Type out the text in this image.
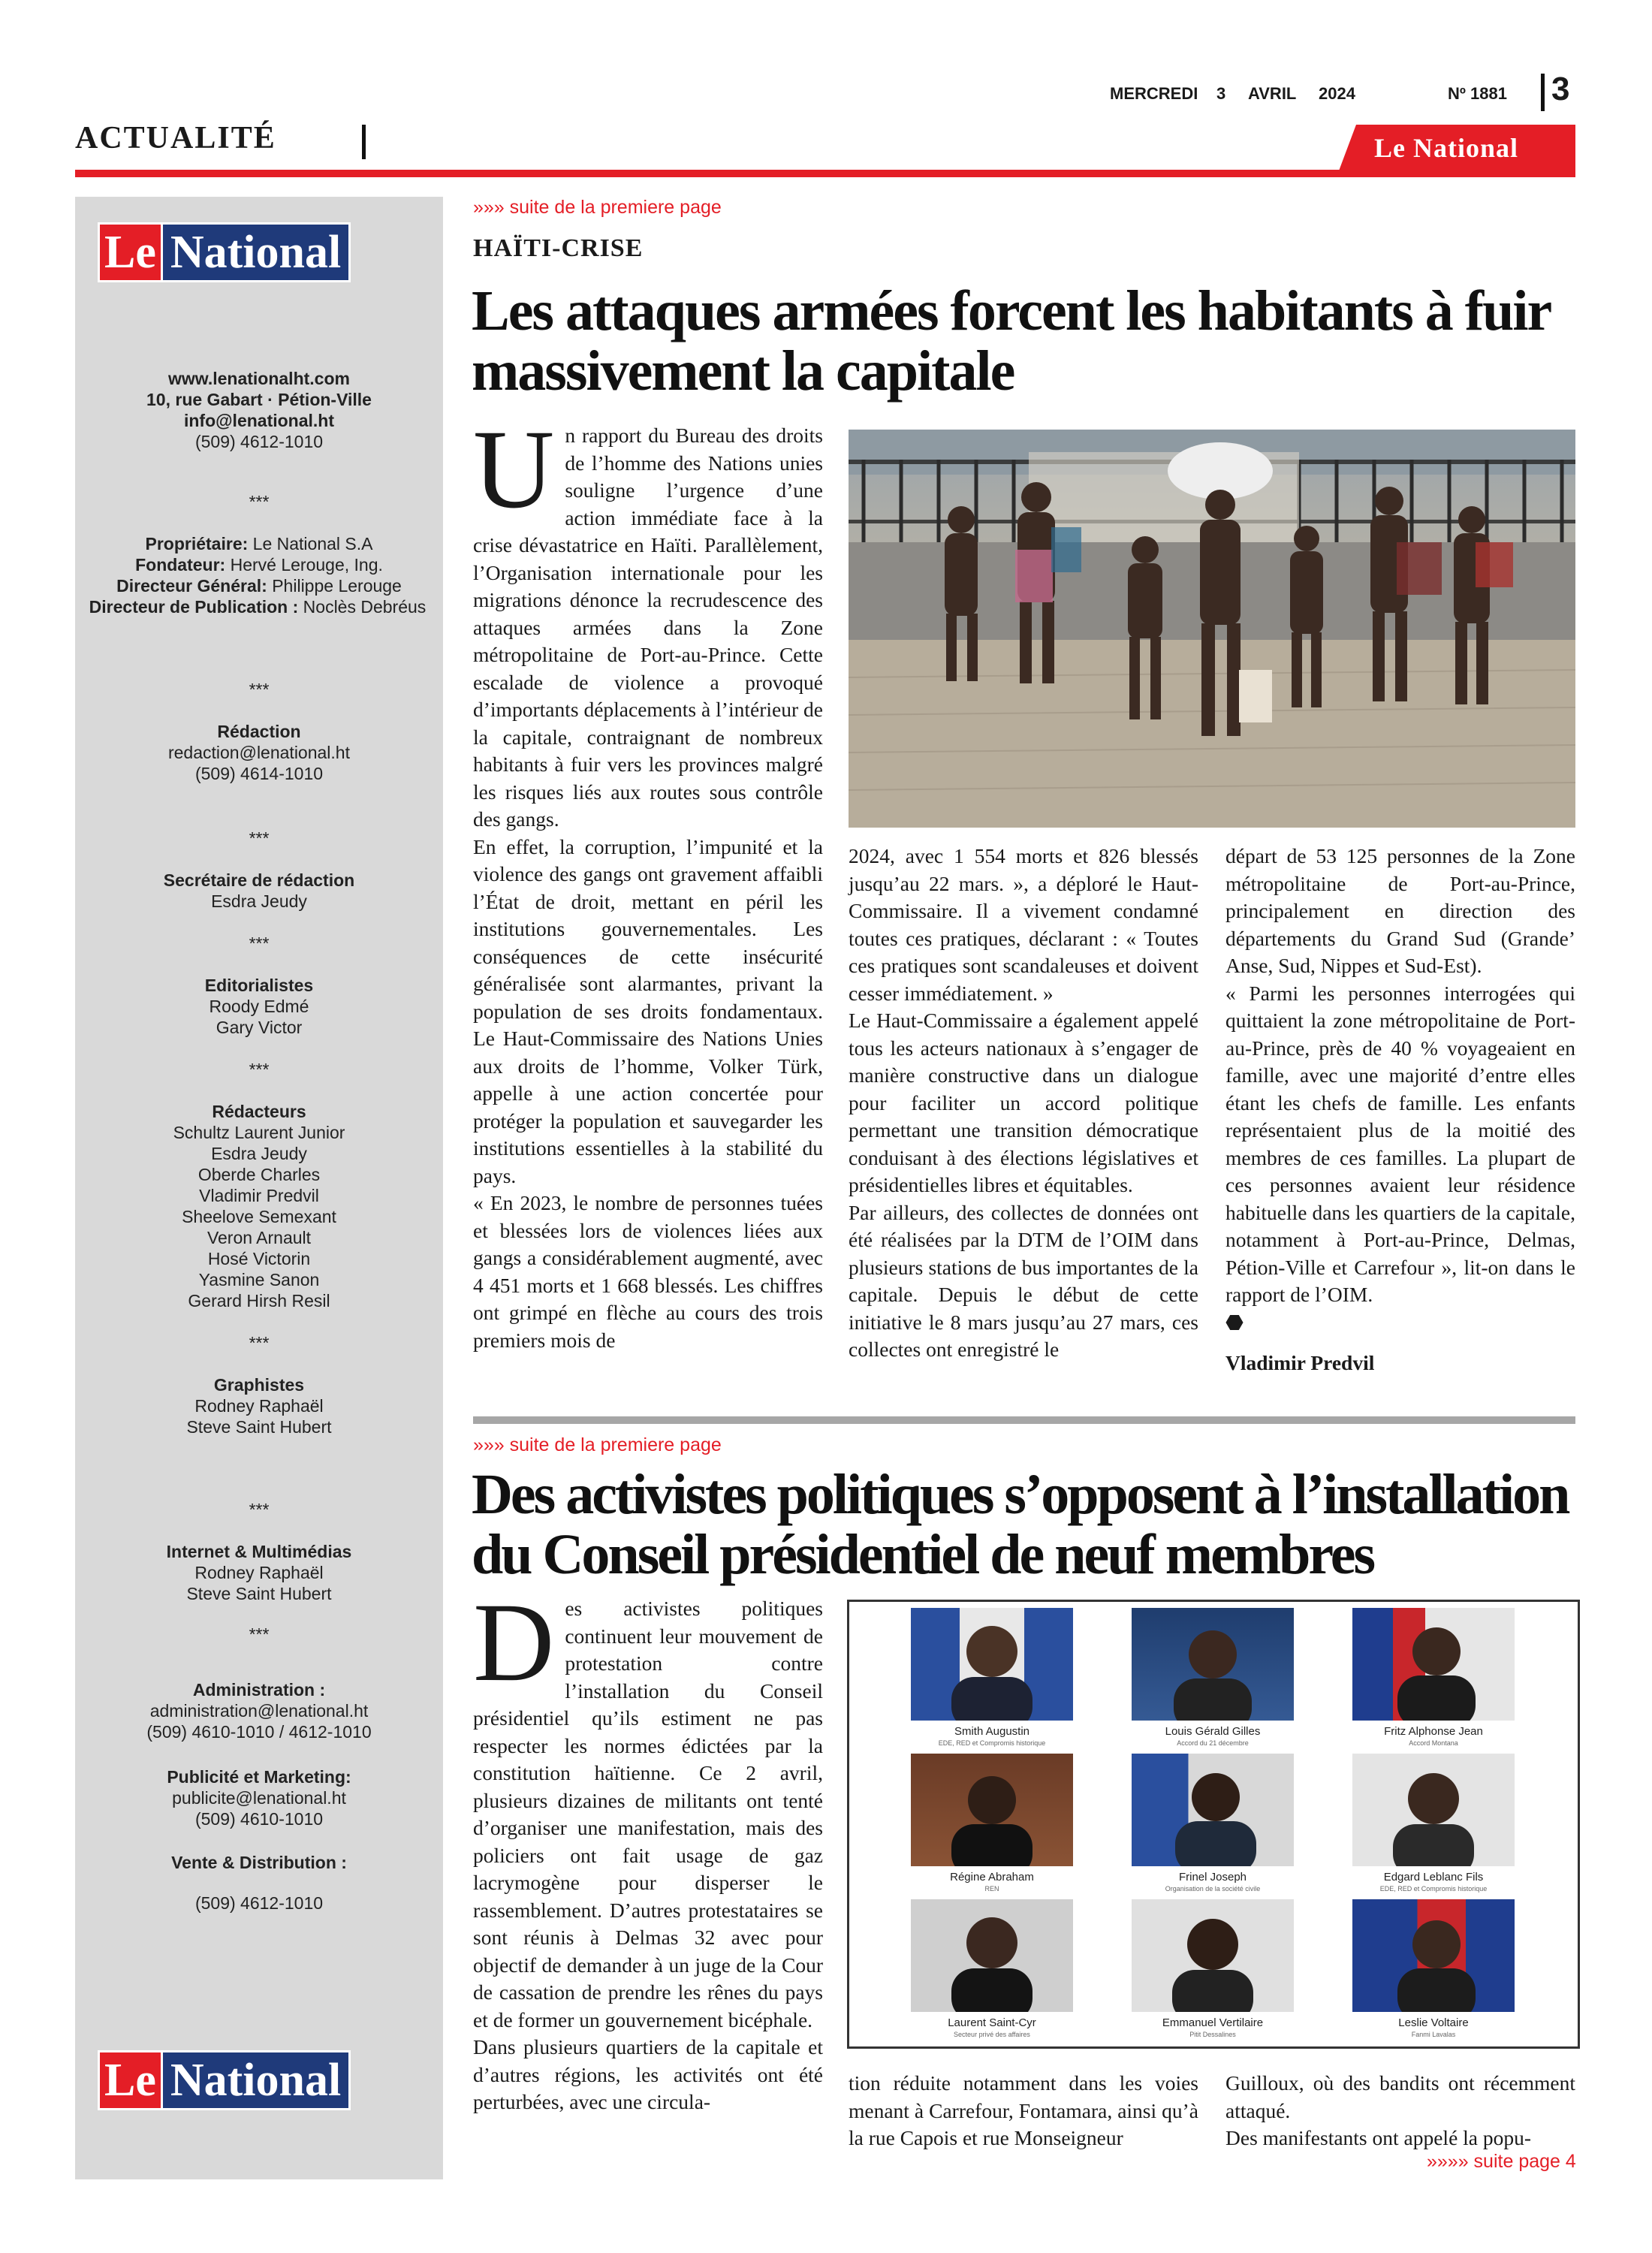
ACTUALITÉ
MERCREDI 3 AVRIL 2024	Nº 1881 3
Le National
Le National
www.lenationalht.com
10, rue Gabart · Pétion-Ville
info@lenational.ht
(509) 4612-1010
***
Propriétaire: Le National S.A
Fondateur: Hervé Lerouge, Ing.
Directeur Général: Philippe Lerouge
Directeur de Publication : Noclès Debréus
***
Rédaction
redaction@lenational.ht
(509) 4614-1010
***
Secrétaire de rédaction
Esdra Jeudy
***
Editorialistes
Roody Edmé
Gary Victor
***
Rédacteurs
Schultz Laurent Junior
Esdra Jeudy
Oberde Charles
Vladimir Predvil
Sheelove Semexant
Veron Arnault
Hosé Victorin
Yasmine Sanon
Gerard Hirsh Resil
***
Graphistes
Rodney Raphaël
Steve Saint Hubert
***
Internet & Multimédias
Rodney Raphaël
Steve Saint Hubert
***
Administration :
administration@lenational.ht
(509) 4610-1010 / 4612-1010
Publicité et Marketing:
publicite@lenational.ht
(509) 4610-1010
Vente & Distribution :
(509) 4612-1010
Le National
»»» suite de la premiere page
HAÏTI-CRISE
Les attaques armées forcent les habitants à fuir
massivement la capitale
U n rapport du Bureau des droits de l’homme des Nations unies souligne l’urgence d’une action immédiate face à la crise dévastatrice en Haïti. Parallèlement, l’Organisation internationale pour les migrations dénonce la recrudescence des attaques armées dans la Zone métropolitaine de Port-au-Prince. Cette escalade de violence a provoqué d’importants déplacements à l’intérieur de la capitale, contraignant de nombreux habitants à fuir vers les provinces malgré les risques liés aux routes sous contrôle des gangs.

En effet, la corruption, l’impunité et la violence des gangs ont gravement affaibli l’État de droit, mettant en péril les institutions gouvernementales. Les conséquences de cette insécurité généralisée sont alarmantes, privant la population de ses droits fondamentaux. Le Haut-Commissaire des Nations Unies aux droits de l’homme, Volker Türk, appelle à une action concertée pour protéger la population et sauvegarder les institutions essentielles à la stabilité du pays.

« En 2023, le nombre de personnes tuées et blessées lors de violences liées aux gangs a considérablement augmenté, avec 4 451 morts et 1 668 blessés. Les chiffres ont grimpé en flèche au cours des trois premiers mois de

2024, avec 1 554 morts et 826 blessés jusqu’au 22 mars. », a déploré le Haut-Commissaire. Il a vivement condamné toutes ces pratiques, déclarant : « Toutes ces pratiques sont scandaleuses et doivent cesser immédiatement. »

Le Haut-Commissaire a également appelé tous les acteurs nationaux à s’engager de manière constructive dans un dialogue pour faciliter un accord politique permettant une transition démocratique conduisant à des élections législatives et présidentielles libres et équitables.

Par ailleurs, des collectes de données ont été réalisées par la DTM de l’OIM dans plusieurs stations de bus importantes de la capitale. Depuis le début de cette initiative le 8 mars jusqu’au 27 mars, ces collectes ont enregistré le

départ de 53 125 personnes de la Zone métropolitaine de Port-au-Prince, principalement en direction des départements du Grand Sud (Grande’ Anse, Sud, Nippes et Sud-Est).

« Parmi les personnes interrogées qui quittaient la zone métropolitaine de Port-au-Prince, près de 40 % voyageaient en famille, avec une majorité d’entre elles étant les chefs de famille. Les enfants représentaient plus de la moitié des membres de ces familles. La plupart de ces personnes avaient leur résidence habituelle dans les quartiers de la capitale, notamment à Port-au-Prince, Delmas, Pétion-Ville et Carrefour », lit-on dans le rapport de l’OIM.

⬣

Vladimir Predvil

»»» suite de la premiere page
Des activistes politiques s’opposent à l’installation
du Conseil présidentiel de neuf membres
D es activistes politiques continuent leur mouvement de protestation contre l’installation du Conseil présidentiel qu’ils estiment ne pas respecter les normes édictées par la constitution haïtienne. Ce 2 avril, plusieurs dizaines de militants ont tenté d’organiser une manifestation, mais des policiers ont fait usage de gaz lacrymogène pour disperser le rassemblement. D’autres protestataires se sont réunis à Delmas 32 avec pour objectif de demander à un juge de la Cour de cassation de prendre les rênes du pays et de former un gouvernement bicéphale.

Dans plusieurs quartiers de la capitale et d’autres régions, les activités ont été perturbées, avec une circula-

Smith Augustin
EDE, RED et Compromis historique
Louis Gérald Gilles
Accord du 21 décembre
Fritz Alphonse Jean
Accord Montana
Régine Abraham
REN
Frinel Joseph
Organisation de la société civile
Edgard Leblanc Fils
EDE, RED et Compromis historique
Laurent Saint-Cyr
Secteur privé des affaires
Emmanuel Vertilaire
Pitit Dessalines
Leslie Voltaire
Fanmi Lavalas

tion réduite notamment dans les voies menant à Carrefour, Fontamara, ainsi qu’à la rue Capois et rue Monseigneur

Guilloux, où des bandits ont récemment attaqué.

Des manifestants ont appelé la popu-

»»»» suite page 4
